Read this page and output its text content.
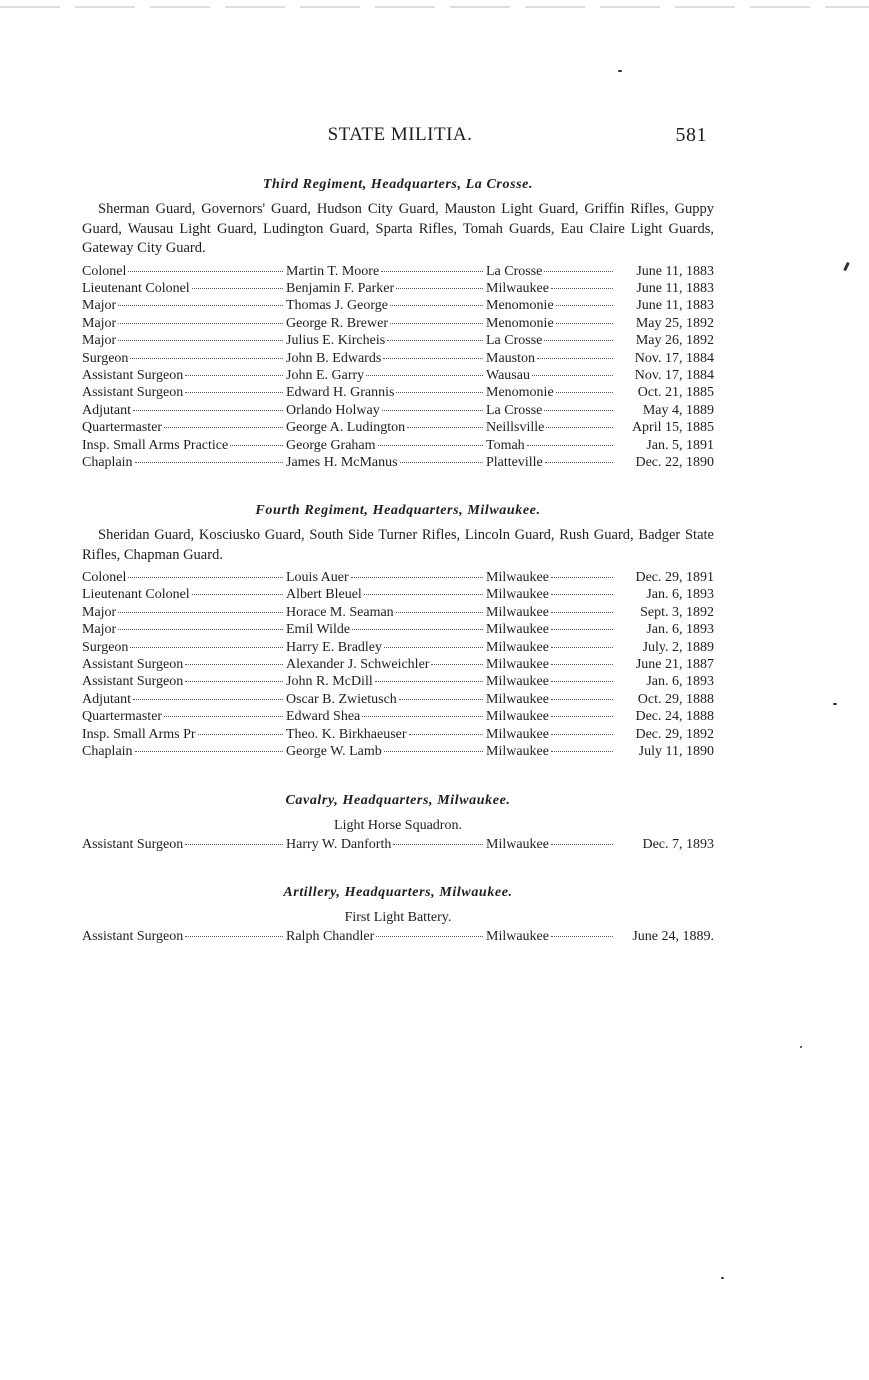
STATE MILITIA.	581
Third Regiment, Headquarters, La Crosse.

Sherman Guard, Governors' Guard, Hudson City Guard, Mauston Light Guard, Griffin Rifles, Guppy Guard, Wausau Light Guard, Ludington Guard, Sparta Rifles, Tomah Guards, Eau Claire Light Guards, Gateway City Guard.

Colonel	Martin T. Moore	La Crosse	June 11, 1883

Lieutenant Colonel	Benjamin F. Parker	Milwaukee	June 11, 1883

Major	Thomas J. George	Menomonie	June 11, 1883

Major	George R. Brewer	Menomonie	May 25, 1892

Major	Julius E. Kircheis	La Crosse	May 26, 1892

Surgeon	John B. Edwards	Mauston	Nov. 17, 1884

Assistant Surgeon	John E. Garry	Wausau	Nov. 17, 1884

Assistant Surgeon	Edward H. Grannis	Menomonie	Oct. 21, 1885

Adjutant	Orlando Holway	La Crosse	May 4, 1889

Quartermaster	George A. Ludington	Neillsville	April 15, 1885

Insp. Small Arms Practice	George Graham	Tomah	Jan. 5, 1891

Chaplain	James H. McManus	Platteville	Dec. 22, 1890
Fourth Regiment, Headquarters, Milwaukee.

Sheridan Guard, Kosciusko Guard, South Side Turner Rifles, Lincoln Guard, Rush Guard, Badger State Rifles, Chapman Guard.

Colonel	Louis Auer	Milwaukee	Dec. 29, 1891

Lieutenant Colonel	Albert Bleuel	Milwaukee	Jan. 6, 1893

Major	Horace M. Seaman	Milwaukee	Sept. 3, 1892

Major	Emil Wilde	Milwaukee	Jan. 6, 1893

Surgeon	Harry E. Bradley	Milwaukee	July. 2, 1889

Assistant Surgeon	Alexander J. Schweichler	Milwaukee	June 21, 1887

Assistant Surgeon	John R. McDill	Milwaukee	Jan. 6, 1893

Adjutant	Oscar B. Zwietusch	Milwaukee	Oct. 29, 1888

Quartermaster	Edward Shea	Milwaukee	Dec. 24, 1888

Insp. Small Arms Pr	Theo. K. Birkhaeuser	Milwaukee	Dec. 29, 1892

Chaplain	George W. Lamb	Milwaukee	July 11, 1890
Cavalry, Headquarters, Milwaukee.
Light Horse Squadron.
Assistant Surgeon	Harry W. Danforth	Milwaukee	Dec. 7, 1893
Artillery, Headquarters, Milwaukee.
First Light Battery.
Assistant Surgeon	Ralph Chandler	Milwaukee	June 24, 1889.
